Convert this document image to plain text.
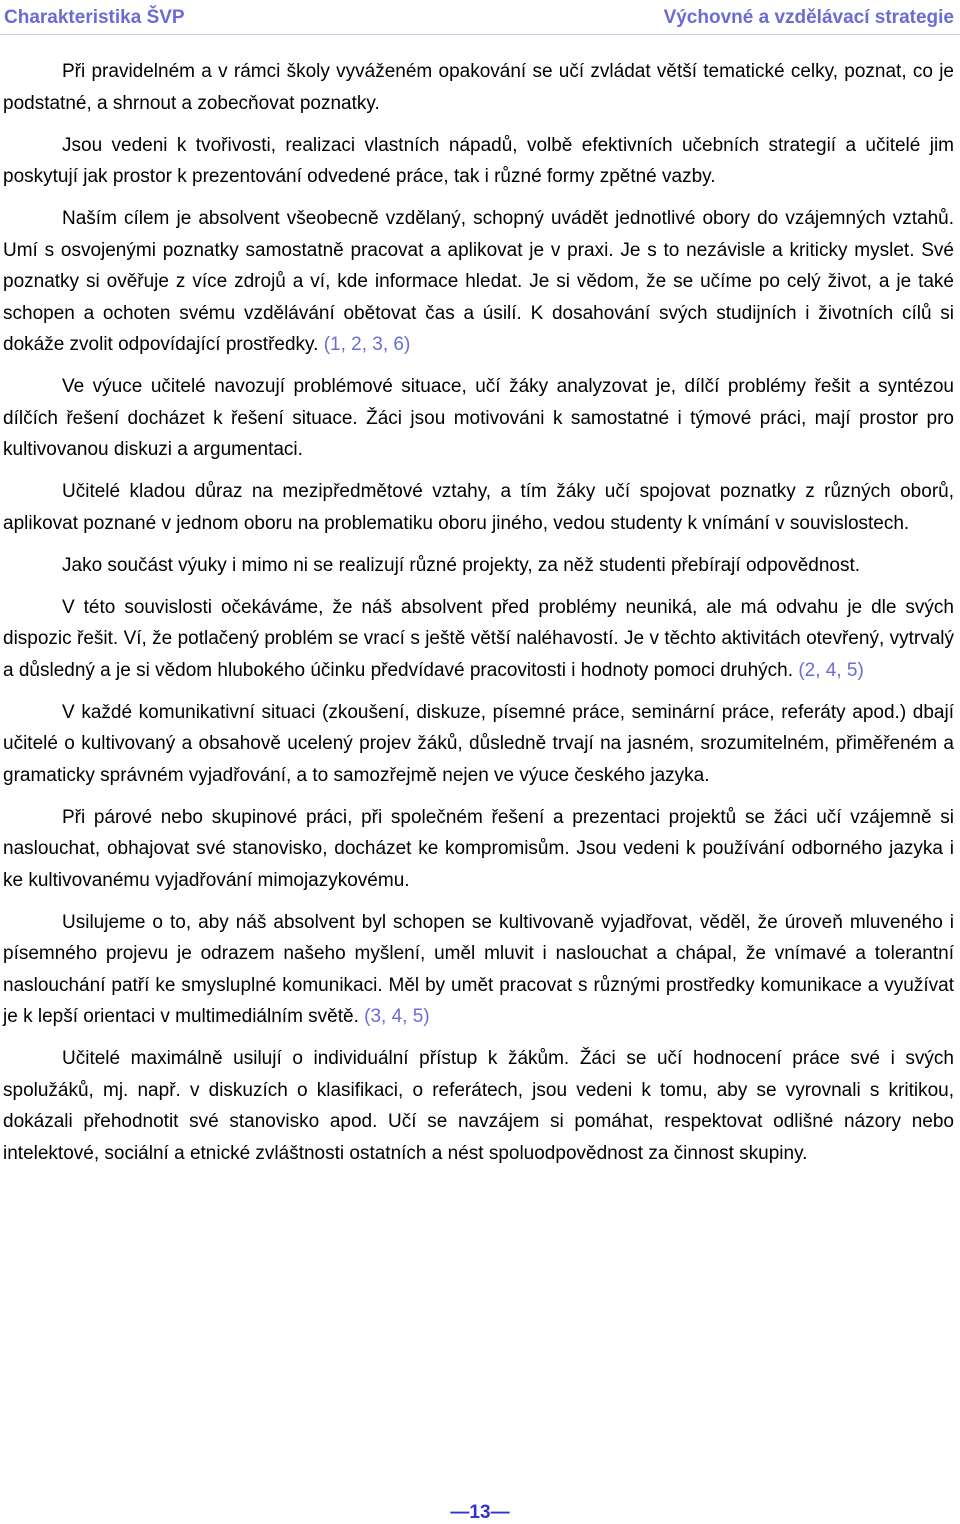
Charakteristika ŠVP	Výchovné a vzdělávací strategie

Při pravidelném a v rámci školy vyváženém opakování se učí zvládat větší tematické celky, poznat, co je podstatné, a shrnout a zobecňovat poznatky.

Jsou vedeni k tvořivosti, realizaci vlastních nápadů, volbě efektivních učebních strategií a učitelé jim poskytují jak prostor k prezentování odvedené práce, tak i různé formy zpětné vazby.

Naším cílem je absolvent všeobecně vzdělaný, schopný uvádět jednotlivé obory do vzájemných vztahů. Umí s osvojenými poznatky samostatně pracovat a aplikovat je v praxi. Je s to nezávisle a kriticky myslet. Své poznatky si ověřuje z více zdrojů a ví, kde informace hledat. Je si vědom, že se učíme po celý život, a je také schopen a ochoten svému vzdělávání obětovat čas a úsilí. K dosahování svých studijních i životních cílů si dokáže zvolit odpovídající prostředky. (1, 2, 3, 6)

Ve výuce učitelé navozují problémové situace, učí žáky analyzovat je, dílčí problémy řešit a syntézou dílčích řešení docházet k řešení situace. Žáci jsou motivováni k samostatné i týmové práci, mají prostor pro kultivovanou diskuzi a argumentaci.

Učitelé kladou důraz na mezipředmětové vztahy, a tím žáky učí spojovat poznatky z různých oborů, aplikovat poznané v jednom oboru na problematiku oboru jiného, vedou studenty k vnímání v souvislostech.

Jako součást výuky i mimo ni se realizují různé projekty, za něž studenti přebírají odpovědnost.

V této souvislosti očekáváme, že náš absolvent před problémy neuniká, ale má odvahu je dle svých dispozic řešit. Ví, že potlačený problém se vrací s ještě větší naléhavostí. Je v těchto aktivitách otevřený, vytrvalý a důsledný a je si vědom hlubokého účinku předvídavé pracovitosti i hodnoty pomoci druhých. (2, 4, 5)

V každé komunikativní situaci (zkoušení, diskuze, písemné práce, seminární práce, referáty apod.) dbají učitelé o kultivovaný a obsahově ucelený projev žáků, důsledně trvají na jasném, srozumitelném, přiměřeném a gramaticky správném vyjadřování, a to samozřejmě nejen ve výuce českého jazyka.

Při párové nebo skupinové práci, při společném řešení a prezentaci projektů se žáci učí vzájemně si naslouchat, obhajovat své stanovisko, docházet ke kompromisům. Jsou vedeni k používání odborného jazyka i ke kultivovanému vyjadřování mimojazykovému.

Usilujeme o to, aby náš absolvent byl schopen se kultivovaně vyjadřovat, věděl, že úroveň mluveného i písemného projevu je odrazem našeho myšlení, uměl mluvit i naslouchat a chápal, že vnímavé a tolerantní naslouchání patří ke smysluplné komunikaci. Měl by umět pracovat s různými prostředky komunikace a využívat je k lepší orientaci v multimediálním světě. (3, 4, 5)

Učitelé maximálně usilují o individuální přístup k žákům. Žáci se učí hodnocení práce své i svých spolužáků, mj. např. v diskuzích o klasifikaci, o referátech, jsou vedeni k tomu, aby se vyrovnali s kritikou, dokázali přehodnotit své stanovisko apod. Učí se navzájem si pomáhat, respektovat odlišné názory nebo intelektové, sociální a etnické zvláštnosti ostatních a nést spoluodpovědnost za činnost skupiny.

—13—
